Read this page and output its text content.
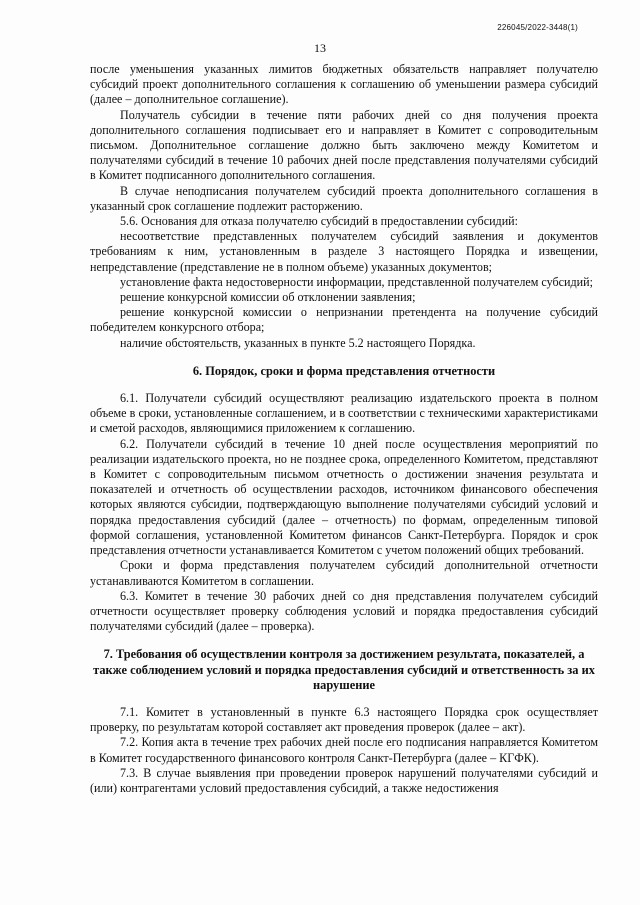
226045/2022-3448(1)

13

после уменьшения указанных лимитов бюджетных обязательств направляет получателю субсидий проект дополнительного соглашения к соглашению об уменьшении размера субсидий (далее – дополнительное соглашение).

Получатель субсидии в течение пяти рабочих дней со дня получения проекта дополнительного соглашения подписывает его и направляет в Комитет с сопроводительным письмом. Дополнительное соглашение должно быть заключено между Комитетом и получателями субсидий в течение 10 рабочих дней после представления получателями субсидий в Комитет подписанного дополнительного соглашения.

В случае неподписания получателем субсидий проекта дополнительного соглашения в указанный срок соглашение подлежит расторжению.

5.6. Основания для отказа получателю субсидий в предоставлении субсидий:

несоответствие представленных получателем субсидий заявления и документов требованиям к ним, установленным в разделе 3 настоящего Порядка и извещении, непредставление (представление не в полном объеме) указанных документов;

установление факта недостоверности информации, представленной получателем субсидий;

решение конкурсной комиссии об отклонении заявления;

решение конкурсной комиссии о непризнании претендента на получение субсидий победителем конкурсного отбора;

наличие обстоятельств, указанных в пункте 5.2 настоящего Порядка.

6. Порядок, сроки и форма представления отчетности

6.1. Получатели субсидий осуществляют реализацию издательского проекта в полном объеме в сроки, установленные соглашением, и в соответствии с техническими характеристиками и сметой расходов, являющимися приложением к соглашению.

6.2. Получатели субсидий в течение 10 дней после осуществления мероприятий по реализации издательского проекта, но не позднее срока, определенного Комитетом, представляют в Комитет с сопроводительным письмом отчетность о достижении значения результата и показателей и отчетность об осуществлении расходов, источником финансового обеспечения которых являются субсидии, подтверждающую выполнение получателями субсидий условий и порядка предоставления субсидий (далее – отчетность) по формам, определенным типовой формой соглашения, установленной Комитетом финансов Санкт-Петербурга. Порядок и срок представления отчетности устанавливается Комитетом с учетом положений общих требований.

Сроки и форма представления получателем субсидий дополнительной отчетности устанавливаются Комитетом в соглашении.

6.3. Комитет в течение 30 рабочих дней со дня представления получателем субсидий отчетности осуществляет проверку соблюдения условий и порядка предоставления субсидий получателями субсидий (далее – проверка).

7. Требования об осуществлении контроля за достижением результата, показателей, а также соблюдением условий и порядка предоставления субсидий и ответственность за их нарушение

7.1. Комитет в установленный в пункте 6.3 настоящего Порядка срок осуществляет проверку, по результатам которой составляет акт проведения проверок (далее – акт).

7.2. Копия акта в течение трех рабочих дней после его подписания направляется Комитетом в Комитет государственного финансового контроля Санкт-Петербурга (далее – КГФК).

7.3. В случае выявления при проведении проверок нарушений получателями субсидий и (или) контрагентами условий предоставления субсидий, а также недостижения
